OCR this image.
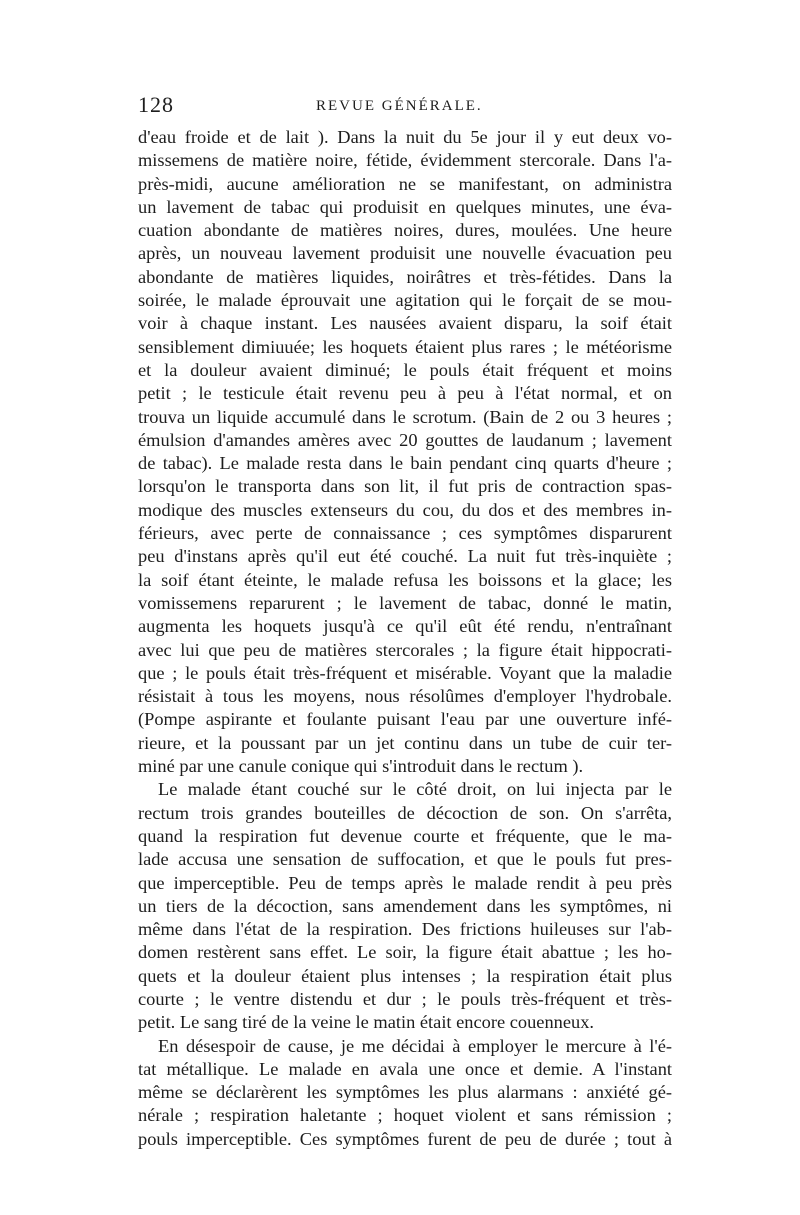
128	REVUE GÉNÉRALE.
d'eau froide et de lait ). Dans la nuit du 5e jour il y eut deux vo-
missemens de matière noire, fétide, évidemment stercorale. Dans l'a-
près-midi, aucune amélioration ne se manifestant, on administra
un lavement de tabac qui produisit en quelques minutes, une éva-
cuation abondante de matières noires, dures, moulées. Une heure
après, un nouveau lavement produisit une nouvelle évacuation peu
abondante de matières liquides, noirâtres et très-fétides. Dans la
soirée, le malade éprouvait une agitation qui le forçait de se mou-
voir à chaque instant. Les nausées avaient disparu, la soif était
sensiblement dimiuuée; les hoquets étaient plus rares ; le météorisme
et la douleur avaient diminué; le pouls était fréquent et moins
petit ; le testicule était revenu peu à peu à l'état normal, et on
trouva un liquide accumulé dans le scrotum. (Bain de 2 ou 3 heures ;
émulsion d'amandes amères avec 20 gouttes de laudanum ; lavement
de tabac). Le malade resta dans le bain pendant cinq quarts d'heure ;
lorsqu'on le transporta dans son lit, il fut pris de contraction spas-
modique des muscles extenseurs du cou, du dos et des membres in-
férieurs, avec perte de connaissance ; ces symptômes disparurent
peu d'instans après qu'il eut été couché. La nuit fut très-inquiète ;
la soif étant éteinte, le malade refusa les boissons et la glace; les
vomissemens reparurent ; le lavement de tabac, donné le matin,
augmenta les hoquets jusqu'à ce qu'il eût été rendu, n'entraînant
avec lui que peu de matières stercorales ; la figure était hippocrati-
que ; le pouls était très-fréquent et misérable. Voyant que la maladie
résistait à tous les moyens, nous résolûmes d'employer l'hydrobale.
(Pompe aspirante et foulante puisant l'eau par une ouverture infé-
rieure, et la poussant par un jet continu dans un tube de cuir ter-
miné par une canule conique qui s'introduit dans le rectum ).
Le malade étant couché sur le côté droit, on lui injecta par le
rectum trois grandes bouteilles de décoction de son. On s'arrêta,
quand la respiration fut devenue courte et fréquente, que le ma-
lade accusa une sensation de suffocation, et que le pouls fut pres-
que imperceptible. Peu de temps après le malade rendit à peu près
un tiers de la décoction, sans amendement dans les symptômes, ni
même dans l'état de la respiration. Des frictions huileuses sur l'ab-
domen restèrent sans effet. Le soir, la figure était abattue ; les ho-
quets et la douleur étaient plus intenses ; la respiration était plus
courte ; le ventre distendu et dur ; le pouls très-fréquent et très-
petit. Le sang tiré de la veine le matin était encore couenneux.
En désespoir de cause, je me décidai à employer le mercure à l'é-
tat métallique. Le malade en avala une once et demie. A l'instant
même se déclarèrent les symptômes les plus alarmans : anxiété gé-
nérale ; respiration haletante ; hoquet violent et sans rémission ;
pouls imperceptible. Ces symptômes furent de peu de durée ; tout à
